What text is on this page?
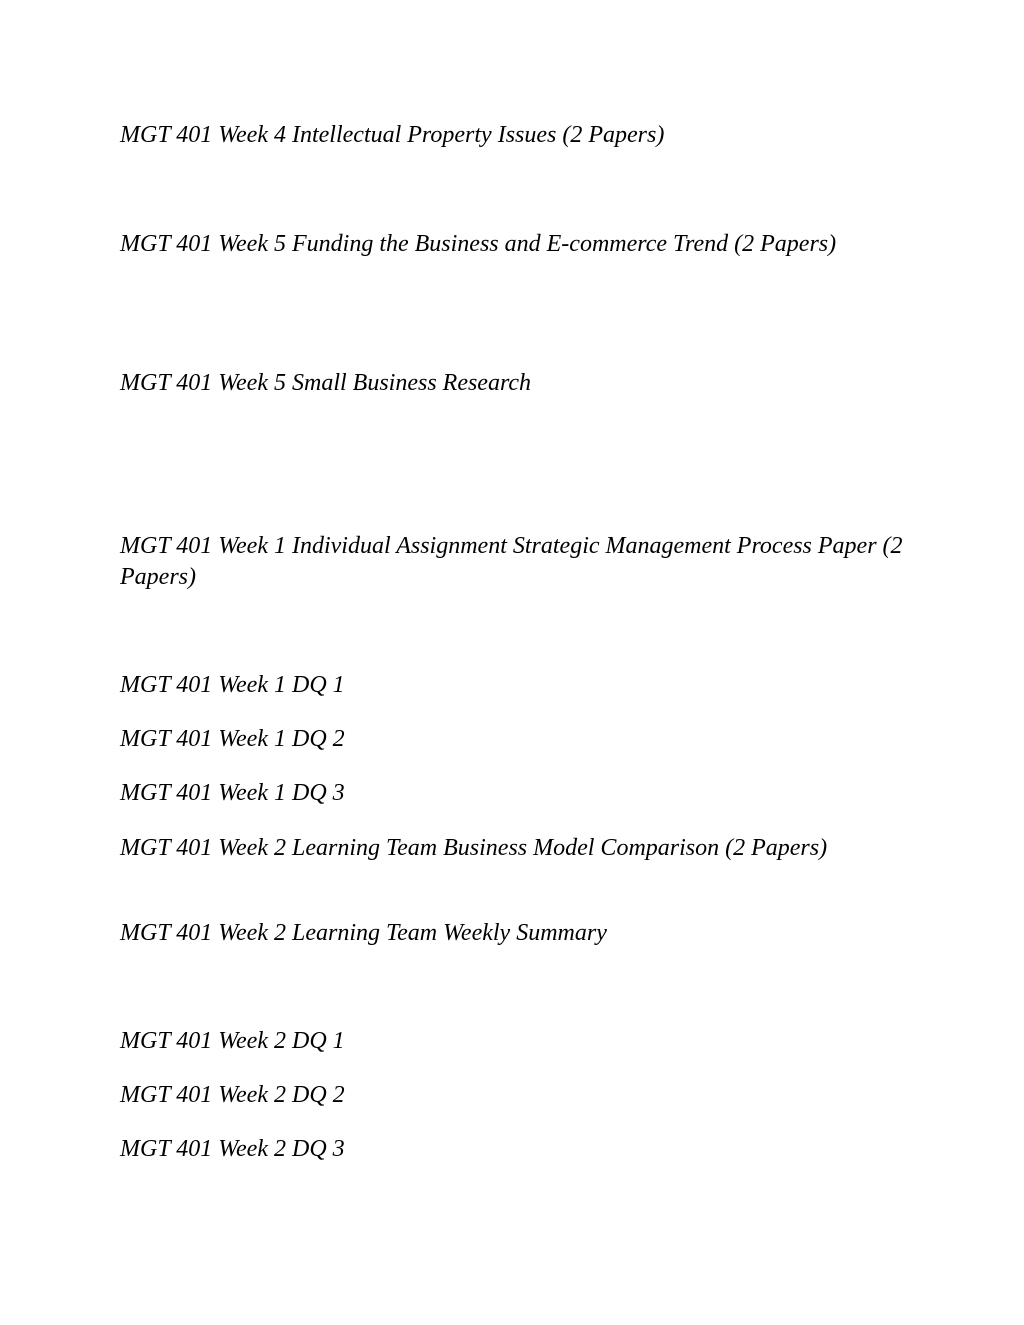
MGT 401 Week 4 Intellectual Property Issues (2 Papers)

MGT 401 Week 5 Funding the Business and E-commerce Trend (2 Papers)

MGT 401 Week 5 Small Business Research

MGT 401 Week 1 Individual Assignment Strategic Management Process Paper (2 Papers)

MGT 401 Week 1 DQ 1

MGT 401 Week 1 DQ 2

MGT 401 Week 1 DQ 3

MGT 401 Week 2 Learning Team Business Model Comparison (2 Papers)

MGT 401 Week 2 Learning Team Weekly Summary

MGT 401 Week 2 DQ 1

MGT 401 Week 2 DQ 2

MGT 401 Week 2 DQ 3
